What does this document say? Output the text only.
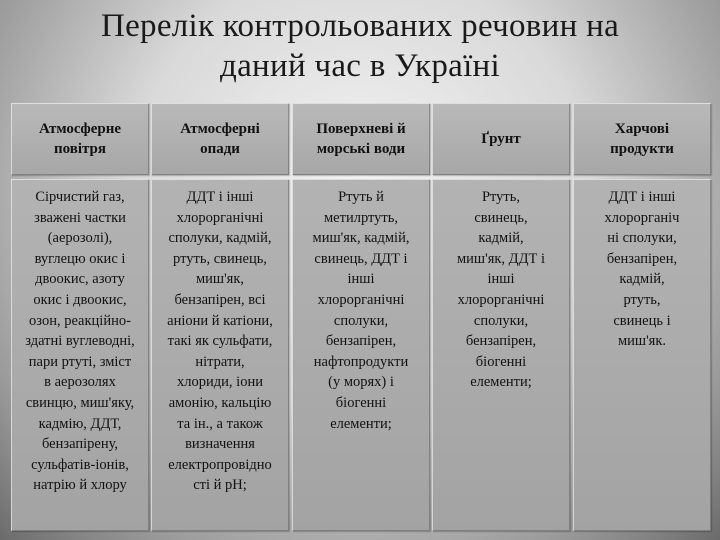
Перелік контрольованих речовин на
даний час в Україні
Атмосферне
повітря
Сірчистий газ,
зважені частки
(аерозолі),
вуглецю окис і
двоокис, азоту
окис і двоокис,
озон, реакційно-
здатні вуглеводні,
пари ртуті, зміст
в аерозолях
свинцю, миш'яку,
кадмію, ДДТ,
бензапірену,
сульфатів-іонів,
натрію й хлору
Атмосферні
опади
ДДТ і інші
хлорорганічні
сполуки, кадмій,
ртуть, свинець,
миш'як,
бензапірен, всі
аніони й катіони,
такі як сульфати,
нітрати,
хлориди, іони
амонію, кальцію
та ін., а також
визначення
електропровідно
сті й рН;
Поверхневі й
морські води
Ртуть й
метилртуть,
миш'як, кадмій,
свинець, ДДТ і
інші
хлорорганічні
сполуки,
бензапірен,
нафтопродукти
(у морях) і
біогенні
елементи;
Ґрунт
Ртуть,
свинець,
кадмій,
миш'як, ДДТ і
інші
хлорорганічні
сполуки,
бензапірен,
біогенні
елементи;
Харчові
продукти
ДДТ і інші
хлорорганіч
ні сполуки,
бензапірен,
кадмій,
ртуть,
свинець і
миш'як.
